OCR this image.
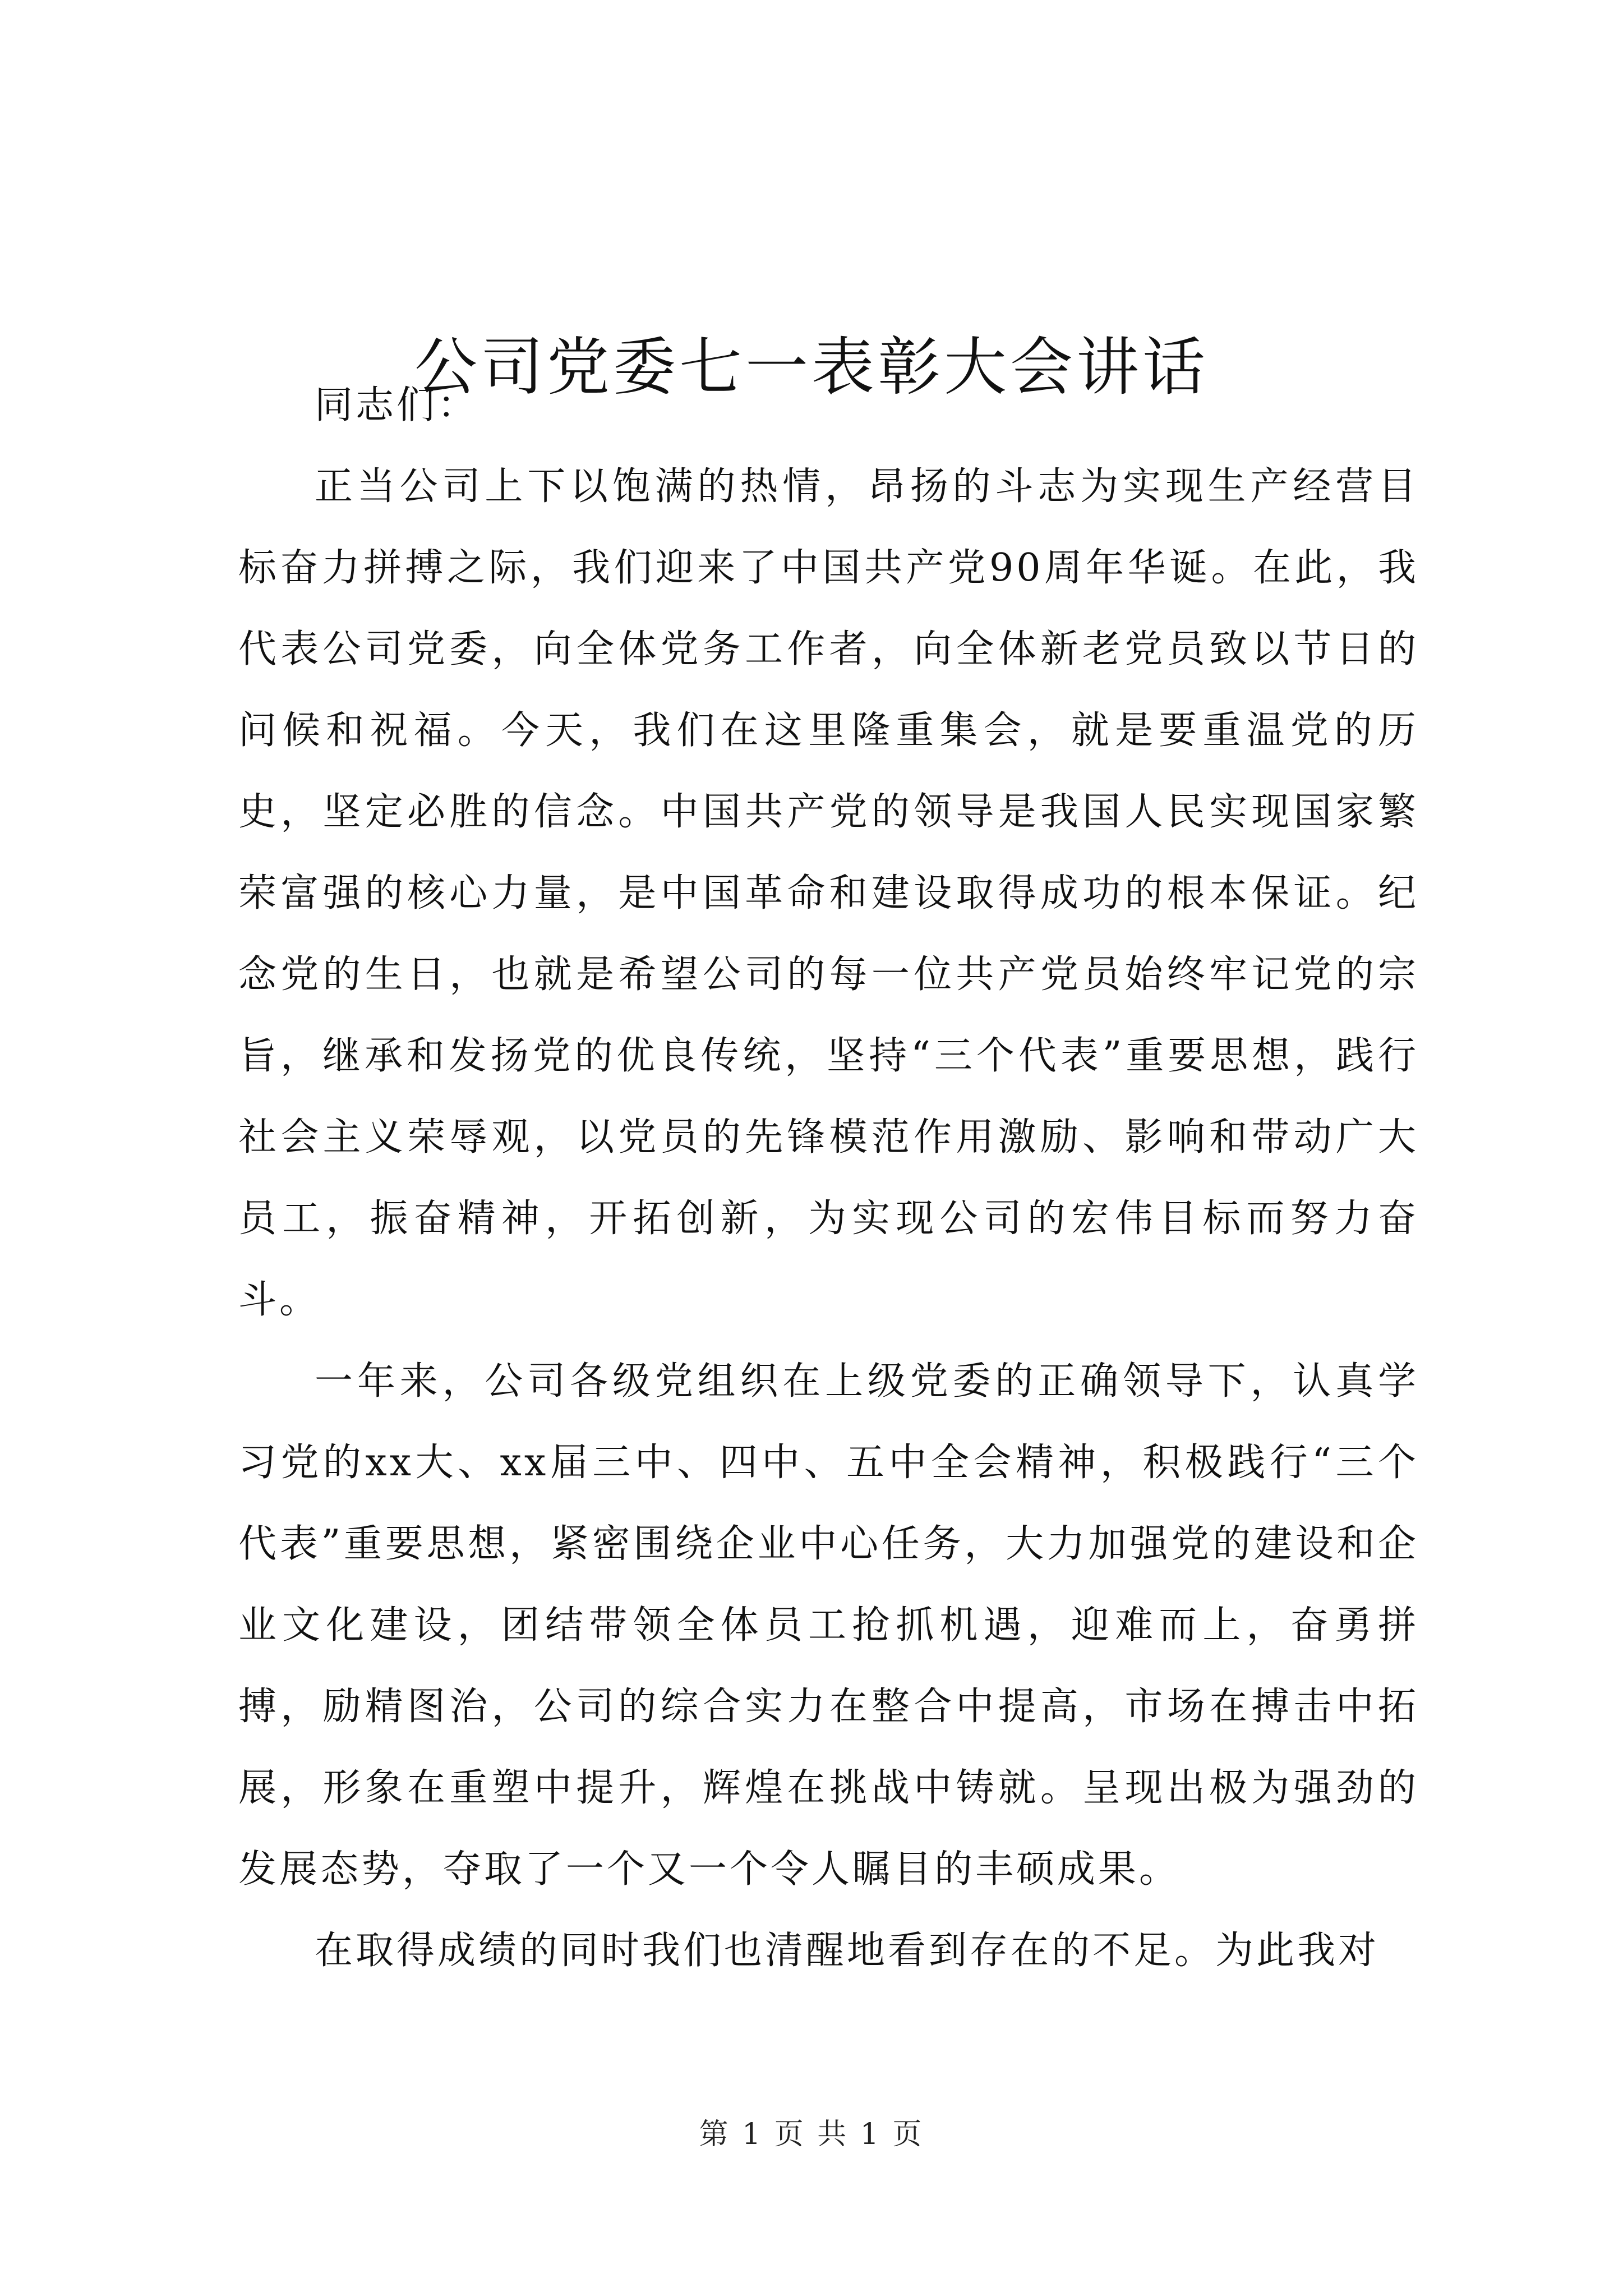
公司党委七一表彰大会讲话

同志们：

正当公司上下以饱满的热情，昂扬的斗志为实现生产经营目标奋力拼搏之际，我们迎来了中国共产党90周年华诞。在此，我代表公司党委，向全体党务工作者，向全体新老党员致以节日的问候和祝福。今天，我们在这里隆重集会，就是要重温党的历史，坚定必胜的信念。中国共产党的领导是我国人民实现国家繁荣富强的核心力量，是中国革命和建设取得成功的根本保证。纪念党的生日，也就是希望公司的每一位共产党员始终牢记党的宗旨，继承和发扬党的优良传统，坚持“三个代表”重要思想，践行社会主义荣辱观，以党员的先锋模范作用激励、影响和带动广大员工，振奋精神，开拓创新，为实现公司的宏伟目标而努力奋斗。

一年来，公司各级党组织在上级党委的正确领导下，认真学习党的xx大、xx届三中、四中、五中全会精神，积极践行“三个代表”重要思想，紧密围绕企业中心任务，大力加强党的建设和企业文化建设，团结带领全体员工抢抓机遇，迎难而上，奋勇拼搏，励精图治，公司的综合实力在整合中提高，市场在搏击中拓展，形象在重塑中提升，辉煌在挑战中铸就。呈现出极为强劲的发展态势，夺取了一个又一个令人瞩目的丰硕成果。

在取得成绩的同时我们也清醒地看到存在的不足。为此我对

第 1 页 共 1 页
